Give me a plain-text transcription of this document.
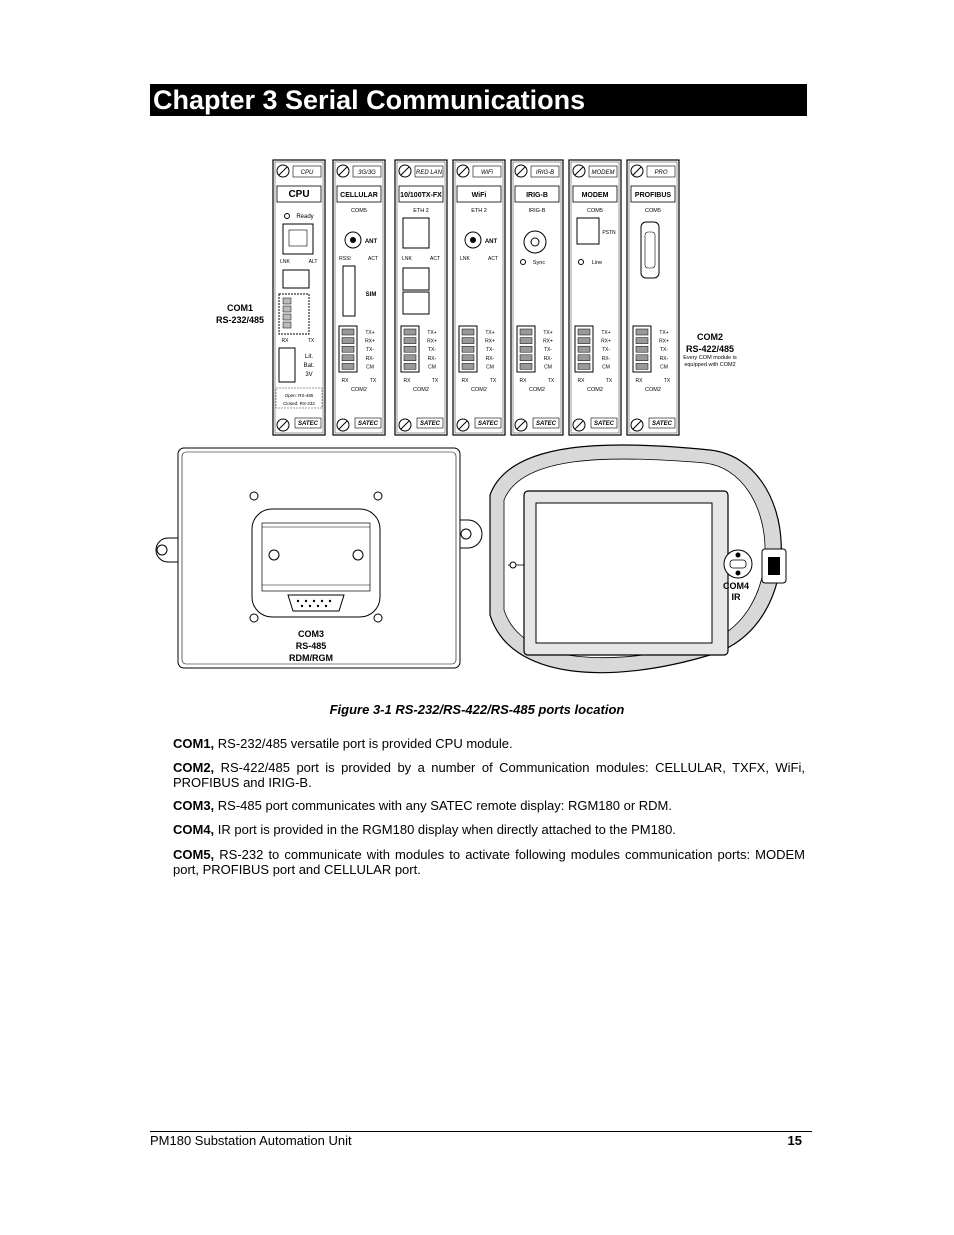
Chapter 3 Serial Communications
CPU
CPU
SATEC
Ready
LNK	ALT
RX	TX
Lit.
Bat.
3V
Open: RS-485
Closed: RS-232
3G/3G
CELLULAR
SATEC
COM5
ANT
SIM
RSSI	ACT
TX+
RX+
TX-
RX-
CM
RX	TX
COM2
RED LAN
10/100TX-FX
SATEC
ETH 2
LNK	ACT
TX+
RX+
TX-
RX-
CM
RX	TX
COM2
WiFi
WiFi
SATEC
ETH 2
ANT
LNK	ACT
TX+
RX+
TX-
RX-
CM
RX	TX
COM2
IRIG-B
IRIG-B
SATEC
IRIG-B
Sync
TX+
RX+
TX-
RX-
CM
RX	TX
COM2
MODEM
MODEM
SATEC
COM5
PSTN
Line
TX+
RX+
TX-
RX-
CM
RX	TX
COM2
PRO
PROFIBUS
SATEC
COM5
TX+
RX+
TX-
RX-
CM
RX	TX
COM2
COM1
RS-232/485
COM2
RS-422/485
Every COM module is
equipped with COM2
COM3
RS-485
RDM/RGM
COM4
IR
Figure 3-1 RS-232/RS-422/RS-485 ports location
COM1, RS-232/485 versatile port is provided CPU module.
COM2, RS-422/485 port is provided by a number of Communication modules: CELLULAR, TXFX, WiFi, PROFIBUS and IRIG-B.
COM3, RS-485 port communicates with any SATEC remote display: RGM180 or RDM.
COM4, IR port is provided in the RGM180 display when directly attached to the PM180.
COM5, RS-232 to communicate with modules to activate following modules communication ports: MODEM port, PROFIBUS port and CELLULAR port.
PM180 Substation Automation Unit	15
